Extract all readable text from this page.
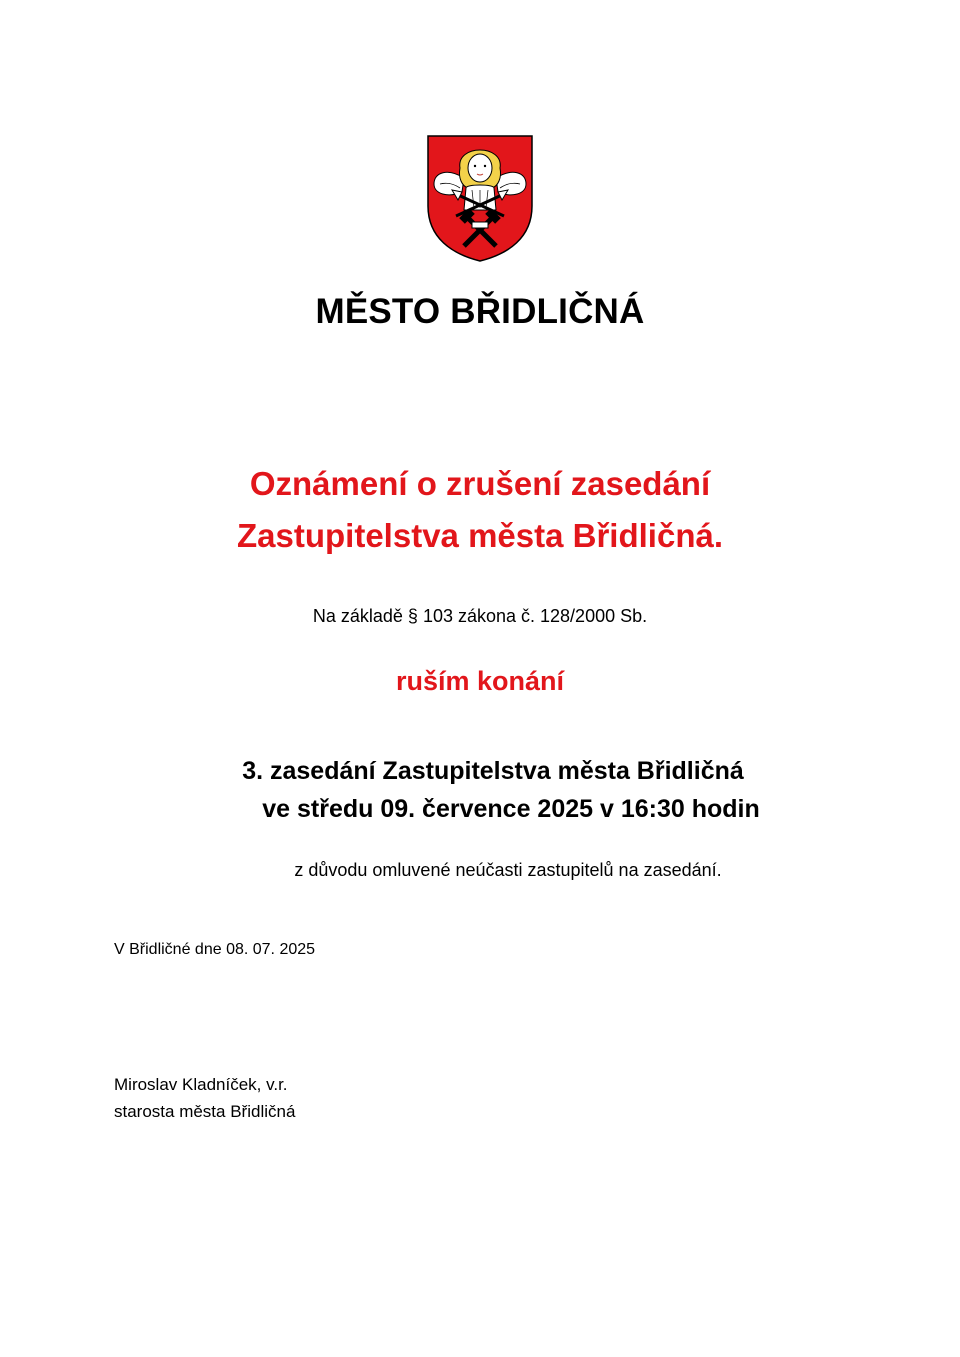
MĚSTO BŘIDLIČNÁ
Oznámení o zrušení zasedání
Zastupitelstva města Břidličná.
Na základě § 103 zákona č. 128/2000 Sb.
ruším konání
3. zasedání Zastupitelstva města Břidličná
ve středu 09. července 2025 v 16:30 hodin
z důvodu omluvené neúčasti zastupitelů na zasedání.
V Břidličné dne 08. 07. 2025
Miroslav Kladníček, v.r.
starosta města Břidličná
